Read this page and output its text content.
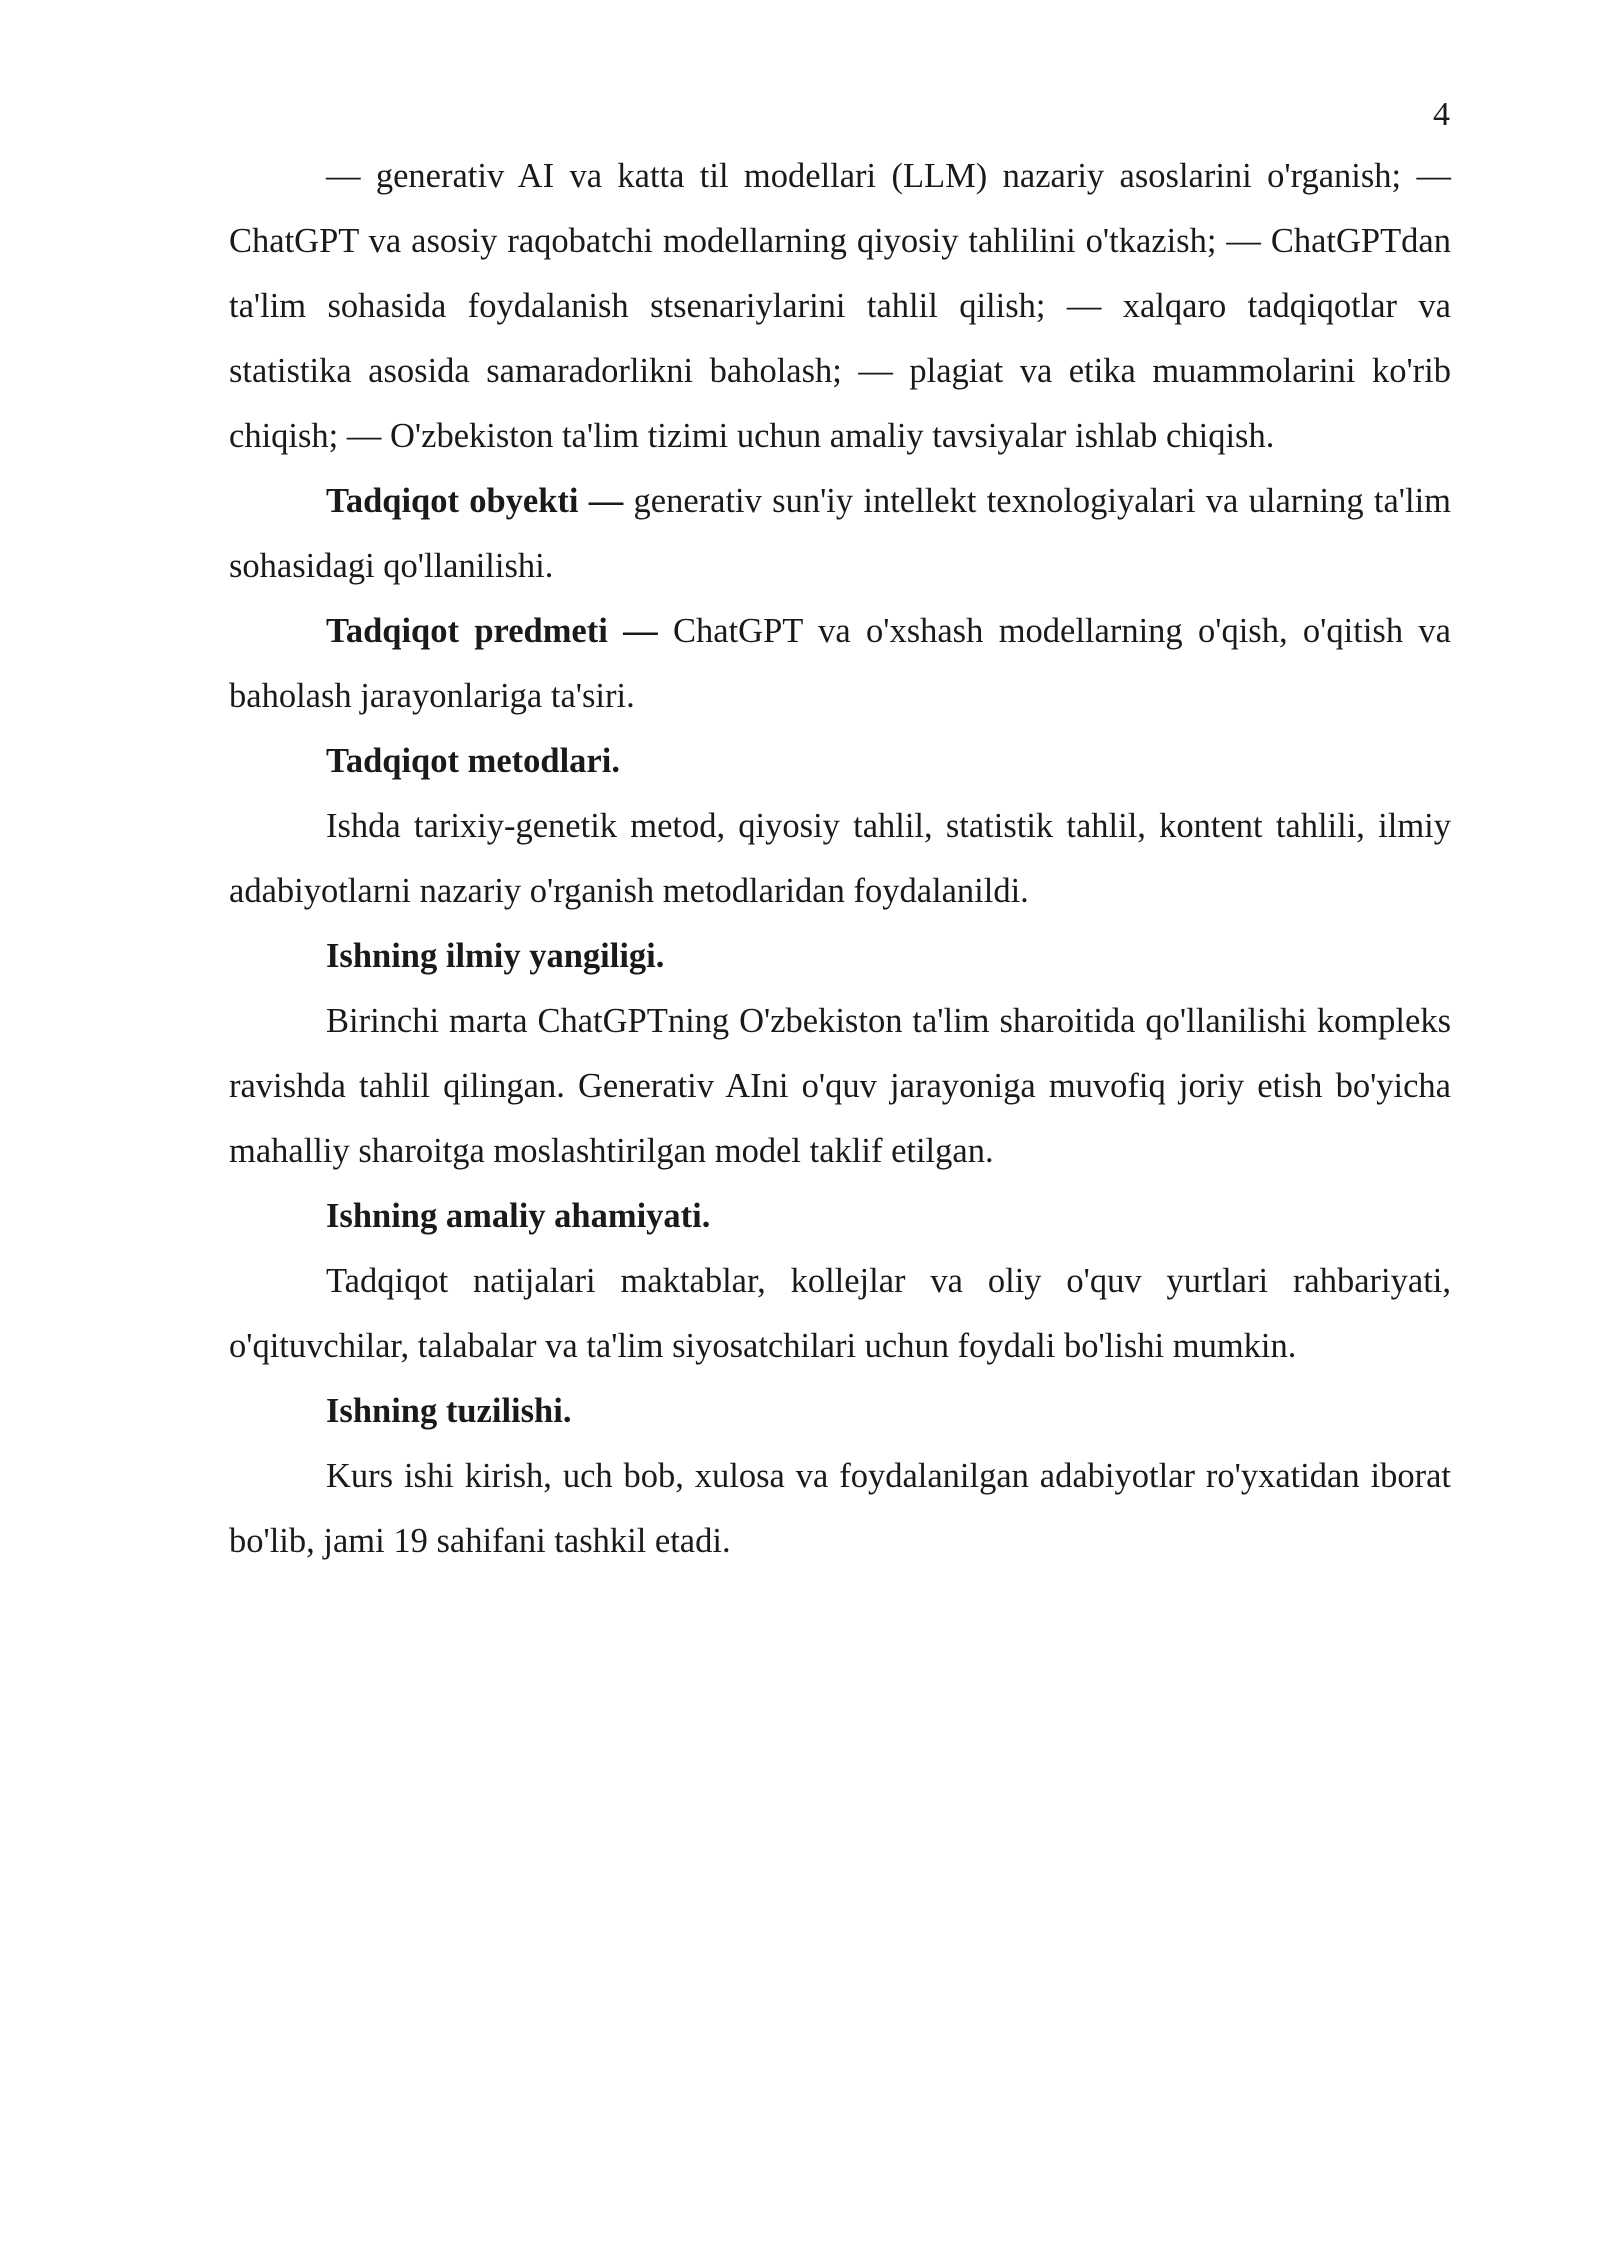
4

— generativ AI va katta til modellari (LLM) nazariy asoslarini o'rganish; — ChatGPT va asosiy raqobatchi modellarning qiyosiy tahlilini o'tkazish; — ChatGPTdan ta'lim sohasida foydalanish stsenariylarini tahlil qilish; — xalqaro tadqiqotlar va statistika asosida samaradorlikni baholash; — plagiat va etika muammolarini ko'rib chiqish; — O'zbekiston ta'lim tizimi uchun amaliy tavsiyalar ishlab chiqish.

Tadqiqot obyekti — generativ sun'iy intellekt texnologiyalari va ularning ta'lim sohasidagi qo'llanilishi.

Tadqiqot predmeti — ChatGPT va o'xshash modellarning o'qish, o'qitish va baholash jarayonlariga ta'siri.

Tadqiqot metodlari.

Ishda tarixiy-genetik metod, qiyosiy tahlil, statistik tahlil, kontent tahlili, ilmiy adabiyotlarni nazariy o'rganish metodlaridan foydalanildi.

Ishning ilmiy yangiligi.

Birinchi marta ChatGPTning O'zbekiston ta'lim sharoitida qo'llanilishi kompleks ravishda tahlil qilingan. Generativ AIni o'quv jarayoniga muvofiq joriy etish bo'yicha mahalliy sharoitga moslashtirilgan model taklif etilgan.

Ishning amaliy ahamiyati.

Tadqiqot natijalari maktablar, kollejlar va oliy o'quv yurtlari rahbariyati, o'qituvchilar, talabalar va ta'lim siyosatchilari uchun foydali bo'lishi mumkin.

Ishning tuzilishi.

Kurs ishi kirish, uch bob, xulosa va foydalanilgan adabiyotlar ro'yxatidan iborat bo'lib, jami 19 sahifani tashkil etadi.
